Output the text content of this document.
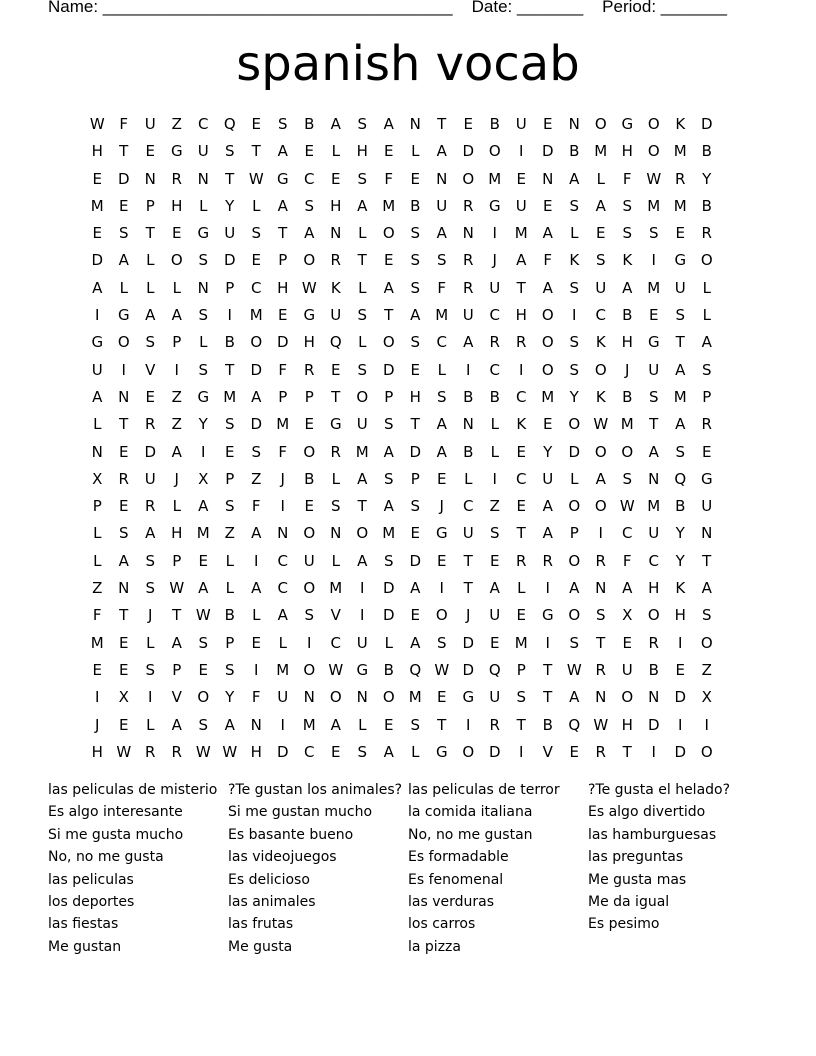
Name: _____________________________________ Date: _______ Period: _______
spanish vocab
W F	U	Z	C	Q	E	S	B	A	S	A	N	T	E	B	U	E	N O G O	K	D
H	T	E	G	U	S	T	A	E	L	H	E	L	A	D O	I	D	B M H O M B
E	D	N	R	N	T W G	C	E	S	F	E	N O M	E	N	A	L	F W R	Y
M	E	P	H	L	Y	L	A	S	H	A M B	U	R	G	U	E	S	A	S	M M B
E	S	T	E	G	U	S	T	A	N	L	O	S	A	N	I	M A	L	E	S	S	E	R
D	A	L	O	S	D	E	P	O	R	T	E	S	S	R	J	A	F	K	S	K	I	G O
A	L	L	L	N	P	C	H W K	L	A	S	F	R	U	T	A	S	U	A M U	L
I	G	A	A	S	I	M	E	G	U	S	T	A M U	C	H O	I	C	B	E	S	L
G O	S	P	L	B	O D	H Q	L	O	S	C	A	R	R	O	S	K	H	G	T	A
U	I	V	I	S	T	D	F	R	E	S	D	E	L	I	C	I	O	S	O	J	U	A	S
A	N	E	Z	G M A	P	P	T	O	P	H	S	B	B	C M	Y	K	B	S	M	P
L	T	R	Z	Y	S	D M	E	G	U	S	T	A	N	L	K	E	O W M	T	A	R
N	E	D	A	I	E	S	F	O	R M A	D	A	B	L	E	Y	D O O	A	S	E
X	R	U	J	X	P	Z	J	B	L	A	S	P	E	L	I	C	U	L	A	S	N Q G
P	E	R	L	A	S	F	I	E	S	T	A	S	J	C	Z	E	A	O O W M B	U
L	S	A	H M Z	A	N O N O M	E	G	U	S	T	A	P	I	C	U	Y	N
L	A	S	P	E	L	I	C	U	L	A	S	D	E	T	E	R	R	O	R	F	C	Y	T
Z	N	S W A	L	A	C	O M	I	D	A	I	T	A	L	I	A	N	A	H	K	A
F	T	J	T W B	L	A	S	V	I	D	E	O	J	U	E	G O	S	X	O H	S
M	E	L	A	S	P	E	L	I	C	U	L	A	S	D	E	M	I	S	T	E	R	I	O
E	E	S	P	E	S	I	M O W G	B	Q W D Q	P	T W R	U	B	E	Z
I	X	I	V	O	Y	F	U	N O N O M	E	G	U	S	T	A	N O N	D	X
J	E	L	A	S	A	N	I	M A	L	E	S	T	I	R	T	B	Q W H	D	I	I
H W R	R W W H	D	C	E	S	A	L	G O D	I	V	E	R	T	I	D O
las peliculas de misterio
Es algo interesante
Si me gusta mucho
No, no me gusta
las peliculas
los deportes
las fiestas
Me gustan
?Te gustan los animales?
Si me gustan mucho
Es basante bueno
las videojuegos
Es delicioso
las animales
las frutas
Me gusta
las peliculas de terror
la comida italiana
No, no me gustan
Es formadable
Es fenomenal
las verduras
los carros
la pizza
?Te gusta el helado?
Es algo divertido
las hamburguesas
las preguntas
Me gusta mas
Me da igual
Es pesimo
